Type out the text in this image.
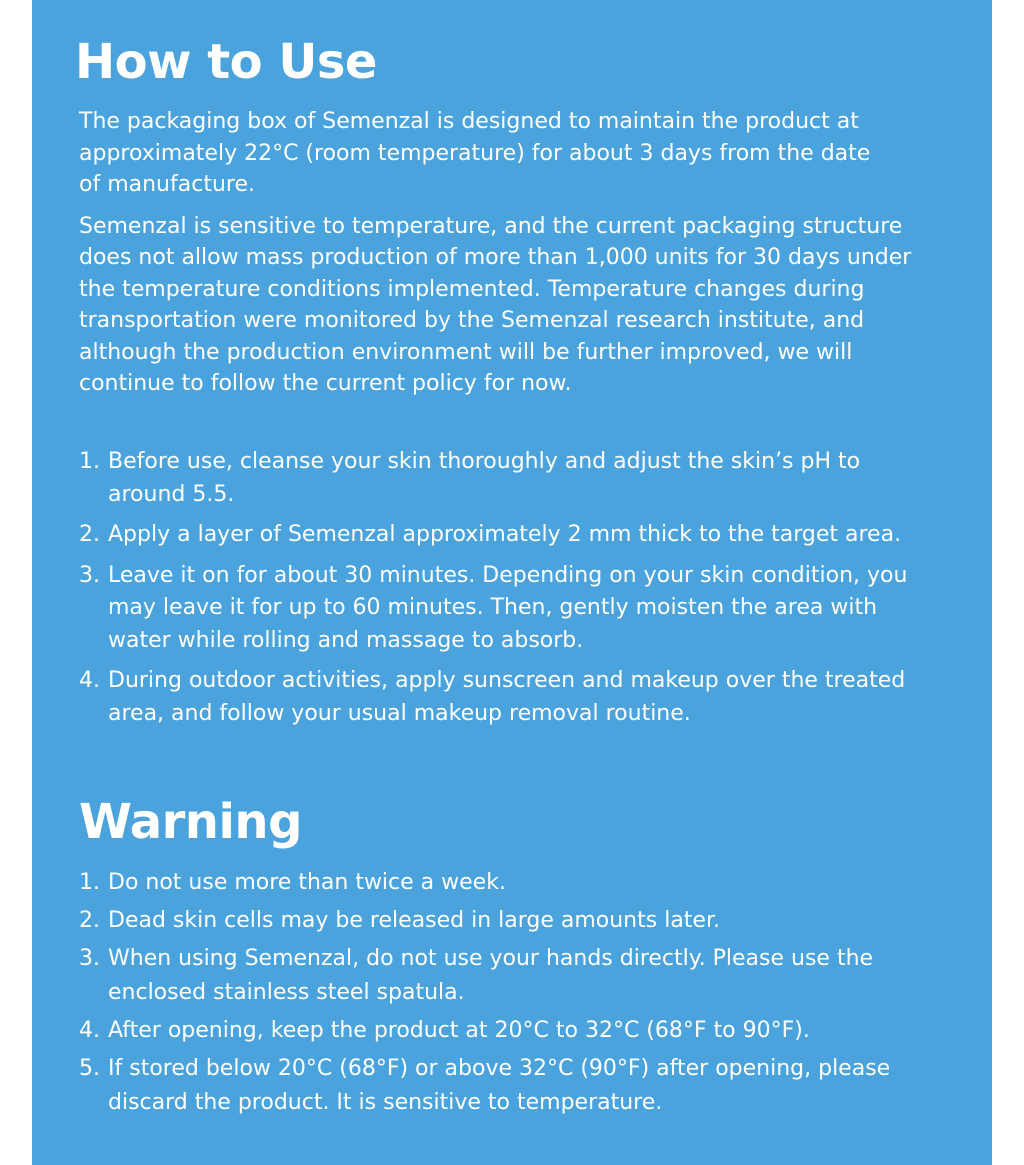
How to Use

The packaging box of Semenzal is designed to maintain the product at approximately 22°C (room temperature) for about 3 days from the date of manufacture.

Semenzal is sensitive to temperature, and the current packaging structure does not allow mass production of more than 1,000 units for 30 days under the temperature conditions implemented. Temperature changes during transportation were monitored by the Semenzal research institute, and although the production environment will be further improved, we will continue to follow the current policy for now.

1. Before use, cleanse your skin thoroughly and adjust the skin’s pH to around 5.5.
2. Apply a layer of Semenzal approximately 2 mm thick to the target area.
3. Leave it on for about 30 minutes. Depending on your skin condition, you may leave it for up to 60 minutes. Then, gently moisten the area with water while rolling and massage to absorb.
4. During outdoor activities, apply sunscreen and makeup over the treated area, and follow your usual makeup removal routine.
Warning
1. Do not use more than twice a week.
2. Dead skin cells may be released in large amounts later.
3. When using Semenzal, do not use your hands directly. Please use the enclosed stainless steel spatula.
4. After opening, keep the product at 20°C to 32°C (68°F to 90°F).
5. If stored below 20°C (68°F) or above 32°C (90°F) after opening, please discard the product. It is sensitive to temperature.
